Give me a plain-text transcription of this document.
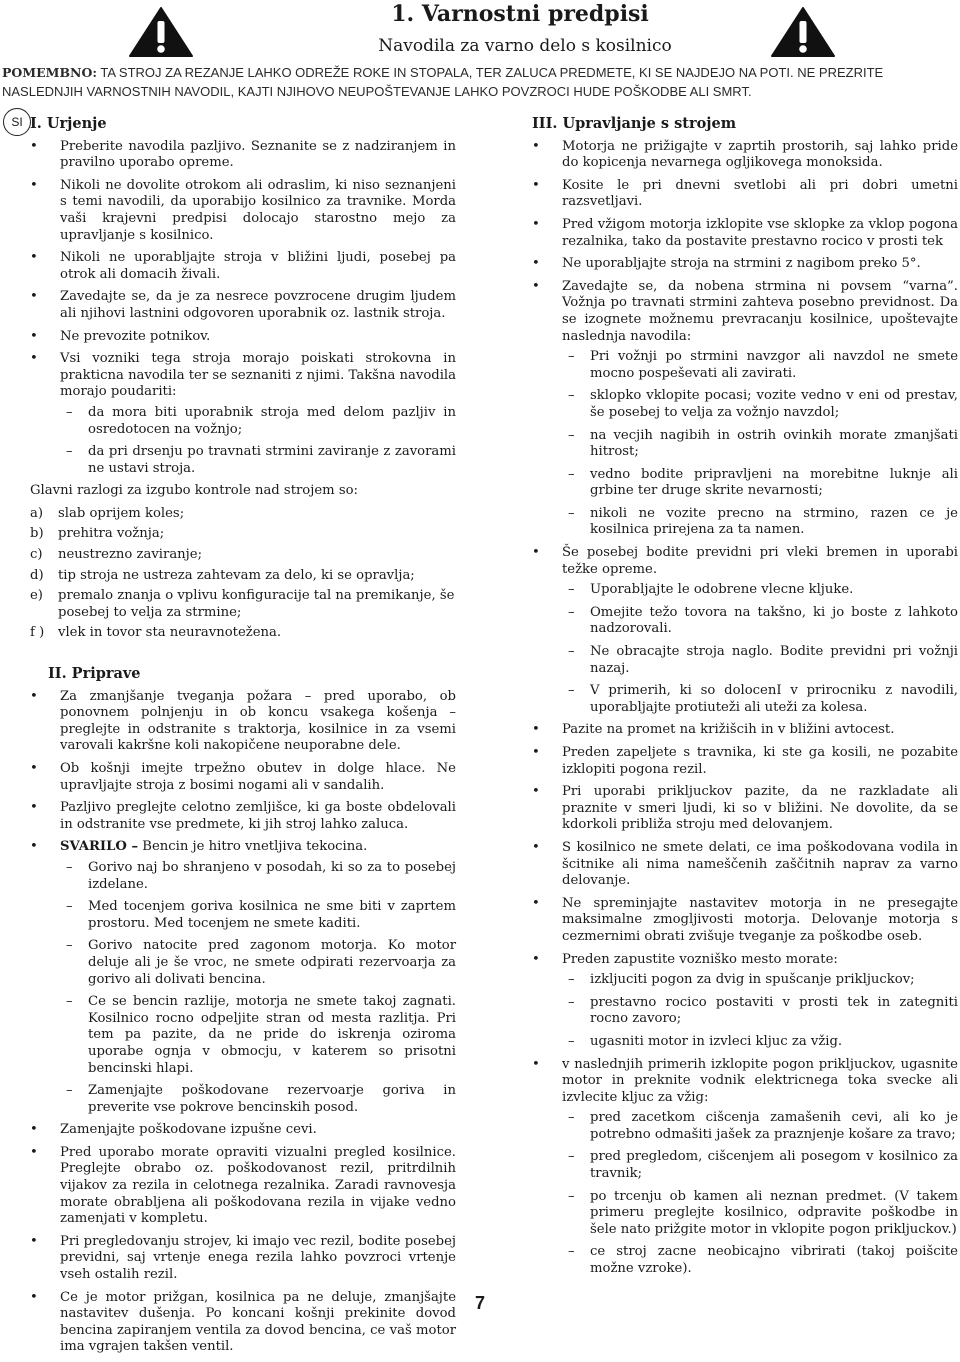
1. Varnostni predpisi
Navodila za varno delo s kosilnico
POMEMBNO: TA STROJ ZA REZANJE LAHKO ODREŽE ROKE IN STOPALA, TER ZALUCA PREDMETE, KI SE NAJDEJO NA POTI. NE PREZRITE NASLEDNJIH VARNOSTNIH NAVODIL, KAJTI NJIHOVO NEUPOŠTEVANJE LAHKO POVZROCI HUDE POŠKODBE ALI SMRT.
SI I. Urjenje
• Preberite navodila pazljivo. Seznanite se z nadziranjem in pravilno uporabo opreme.
• Nikoli ne dovolite otrokom ali odraslim, ki niso seznanjeni s temi navodili, da uporabijo kosilnico za travnike. Morda vaši krajevni predpisi dolocajo starostno mejo za upravljanje s kosilnico.
• Nikoli ne uporabljajte stroja v bližini ljudi, posebej pa otrok ali domacih živali.
• Zavedajte se, da je za nesrece povzrocene drugim ljudem ali njihovi lastnini odgovoren uporabnik oz. lastnik stroja.
• Ne prevozite potnikov.
• Vsi vozniki tega stroja morajo poiskati strokovna in prakticna navodila ter se seznaniti z njimi. Takšna navodila morajo poudariti:
– da mora biti uporabnik stroja med delom pazljiv in osredotocen na vožnjo;
– da pri drsenju po travnati strmini zaviranje z zavorami ne ustavi stroja.

Glavni razlogi za izgubo kontrole nad strojem so:

a) slab oprijem koles;
b) prehitra vožnja;
c) neustrezno zaviranje;
d) tip stroja ne ustreza zahtevam za delo, ki se opravlja;
e) premalo znanja o vplivu konfiguracije tal na premikanje, še posebej to velja za strmine;
f ) vlek in tovor sta neuravnotežena.
II. Priprave
• Za zmanjšanje tveganja požara – pred uporabo, ob ponovnem polnjenju in ob koncu vsakega košenja – preglejte in odstranite s traktorja, kosilnice in za vsemi varovali kakršne koli nakopičene neuporabne dele.
• Ob košnji imejte trpežno obutev in dolge hlace. Ne upravljajte stroja z bosimi nogami ali v sandalih.
• Pazljivo preglejte celotno zemljišce, ki ga boste obdelovali in odstranite vse predmete, ki jih stroj lahko zaluca.
• SVARILO – Bencin je hitro vnetljiva tekocina.
– Gorivo naj bo shranjeno v posodah, ki so za to posebej izdelane.
– Med tocenjem goriva kosilnica ne sme biti v zaprtem prostoru. Med tocenjem ne smete kaditi.
– Gorivo natocite pred zagonom motorja. Ko motor deluje ali je še vroc, ne smete odpirati rezervoarja za gorivo ali dolivati bencina.
– Ce se bencin razlije, motorja ne smete takoj zagnati. Kosilnico rocno odpeljite stran od mesta razlitja. Pri tem pa pazite, da ne pride do iskrenja oziroma uporabe ognja v obmocju, v katerem so prisotni bencinski hlapi.
– Zamenjajte poškodovane rezervoarje goriva in preverite vse pokrove bencinskih posod.
• Zamenjajte poškodovane izpušne cevi.
• Pred uporabo morate opraviti vizualni pregled kosilnice. Preglejte obrabo oz. poškodovanost rezil, pritrdilnih vijakov za rezila in celotnega rezalnika. Zaradi ravnovesja morate obrabljena ali poškodovana rezila in vijake vedno zamenjati v kompletu.
• Pri pregledovanju strojev, ki imajo vec rezil, bodite posebej previdni, saj vrtenje enega rezila lahko povzroci vrtenje vseh ostalih rezil.
• Ce je motor prižgan, kosilnica pa ne deluje, zmanjšajte nastavitev dušenja. Po koncani košnji prekinite dovod bencina zapiranjem ventila za dovod bencina, ce vaš motor ima vgrajen takšen ventil.
III. Upravljanje s strojem
• Motorja ne prižigajte v zaprtih prostorih, saj lahko pride do kopicenja nevarnega ogljikovega monoksida.
• Kosite le pri dnevni svetlobi ali pri dobri umetni razsvetljavi.
• Pred vžigom motorja izklopite vse sklopke za vklop pogona rezalnika, tako da postavite prestavno rocico v prosti tek
• Ne uporabljajte stroja na strmini z nagibom preko 5°.
• Zavedajte se, da nobena strmina ni povsem “varna”. Vožnja po travnati strmini zahteva posebno previdnost. Da se izognete možnemu prevracanju kosilnice, upoštevajte naslednja navodila:
– Pri vožnji po strmini navzgor ali navzdol ne smete mocno pospeševati ali zavirati.
– sklopko vklopite pocasi; vozite vedno v eni od prestav, še posebej to velja za vožnjo navzdol;
– na vecjih nagibih in ostrih ovinkih morate zmanjšati hitrost;
– vedno bodite pripravljeni na morebitne luknje ali grbine ter druge skrite nevarnosti;
– nikoli ne vozite precno na strmino, razen ce je kosilnica prirejena za ta namen.
• Še posebej bodite previdni pri vleki bremen in uporabi težke opreme.
– Uporabljajte le odobrene vlecne kljuke.
– Omejite težo tovora na takšno, ki jo boste z lahkoto nadzorovali.
– Ne obracajte stroja naglo. Bodite previdni pri vožnji nazaj.
– V primerih, ki so dolocenI v prirocniku z navodili, uporabljajte protiuteži ali uteži za kolesa.
• Pazite na promet na križišcih in v bližini avtocest.
• Preden zapeljete s travnika, ki ste ga kosili, ne pozabite izklopiti pogona rezil.
• Pri uporabi prikljuckov pazite, da ne razkladate ali praznite v smeri ljudi, ki so v bližini. Ne dovolite, da se kdorkoli približa stroju med delovanjem.
• S kosilnico ne smete delati, ce ima poškodovana vodila in šcitnike ali nima nameščenih zaščitnih naprav za varno delovanje.
• Ne spreminjajte nastavitev motorja in ne presegajte maksimalne zmogljivosti motorja. Delovanje motorja s cezmernimi obrati zvišuje tveganje za poškodbe oseb.
• Preden zapustite vozniško mesto morate:
– izkljuciti pogon za dvig in spušcanje prikljuckov;
– prestavno rocico postaviti v prosti tek in zategniti rocno zavoro;
– ugasniti motor in izvleci kljuc za vžig.
• v naslednjih primerih izklopite pogon prikljuckov, ugasnite motor in preknite vodnik elektricnega toka svecke ali izvlecite kljuc za vžig:
– pred zacetkom cišcenja zamašenih cevi, ali ko je potrebno odmašiti jašek za praznjenje košare za travo;
– pred pregledom, cišcenjem ali posegom v kosilnico za travnik;
– po trcenju ob kamen ali neznan predmet. (V takem primeru preglejte kosilnico, odpravite poškodbe in šele nato prižgite motor in vklopite pogon prikljuckov.)
– ce stroj zacne neobicajno vibrirati (takoj poišcite možne vzroke).
7
